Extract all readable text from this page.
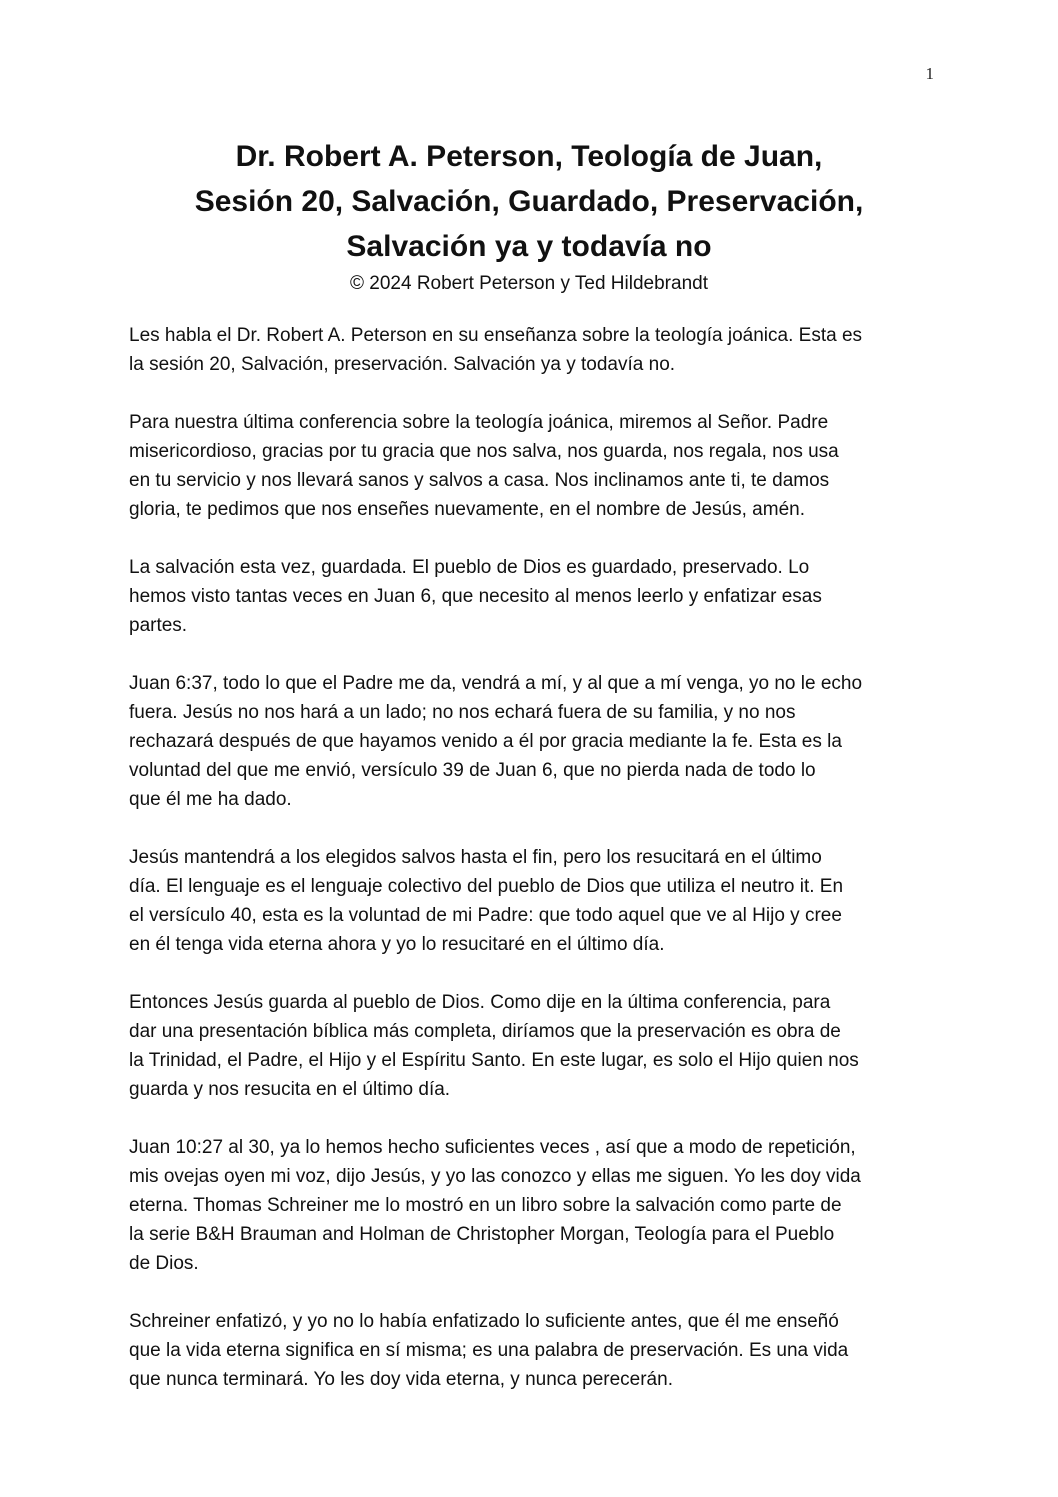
1
Dr. Robert A. Peterson, Teología de Juan,
Sesión 20, Salvación, Guardado, Preservación,
Salvación ya y todavía no

© 2024 Robert Peterson y Ted Hildebrandt

Les habla el Dr. Robert A. Peterson en su enseñanza sobre la teología joánica. Esta es
la sesión 20, Salvación, preservación. Salvación ya y todavía no.

Para nuestra última conferencia sobre la teología joánica, miremos al Señor. Padre
misericordioso, gracias por tu gracia que nos salva, nos guarda, nos regala, nos usa
en tu servicio y nos llevará sanos y salvos a casa. Nos inclinamos ante ti, te damos
gloria, te pedimos que nos enseñes nuevamente, en el nombre de Jesús, amén.

La salvación esta vez, guardada. El pueblo de Dios es guardado, preservado. Lo
hemos visto tantas veces en Juan 6, que necesito al menos leerlo y enfatizar esas
partes.

Juan 6:37, todo lo que el Padre me da, vendrá a mí, y al que a mí venga, yo no le echo
fuera. Jesús no nos hará a un lado; no nos echará fuera de su familia, y no nos
rechazará después de que hayamos venido a él por gracia mediante la fe. Esta es la
voluntad del que me envió, versículo 39 de Juan 6, que no pierda nada de todo lo
que él me ha dado.

Jesús mantendrá a los elegidos salvos hasta el fin, pero los resucitará en el último
día. El lenguaje es el lenguaje colectivo del pueblo de Dios que utiliza el neutro it. En
el versículo 40, esta es la voluntad de mi Padre: que todo aquel que ve al Hijo y cree
en él tenga vida eterna ahora y yo lo resucitaré en el último día.

Entonces Jesús guarda al pueblo de Dios. Como dije en la última conferencia, para
dar una presentación bíblica más completa, diríamos que la preservación es obra de
la Trinidad, el Padre, el Hijo y el Espíritu Santo. En este lugar, es solo el Hijo quien nos
guarda y nos resucita en el último día.

Juan 10:27 al 30, ya lo hemos hecho suficientes veces , así que a modo de repetición,
mis ovejas oyen mi voz, dijo Jesús, y yo las conozco y ellas me siguen. Yo les doy vida
eterna. Thomas Schreiner me lo mostró en un libro sobre la salvación como parte de
la serie B&H Brauman and Holman de Christopher Morgan, Teología para el Pueblo
de Dios.

Schreiner enfatizó, y yo no lo había enfatizado lo suficiente antes, que él me enseñó
que la vida eterna significa en sí misma; es una palabra de preservación. Es una vida
que nunca terminará. Yo les doy vida eterna, y nunca perecerán.
